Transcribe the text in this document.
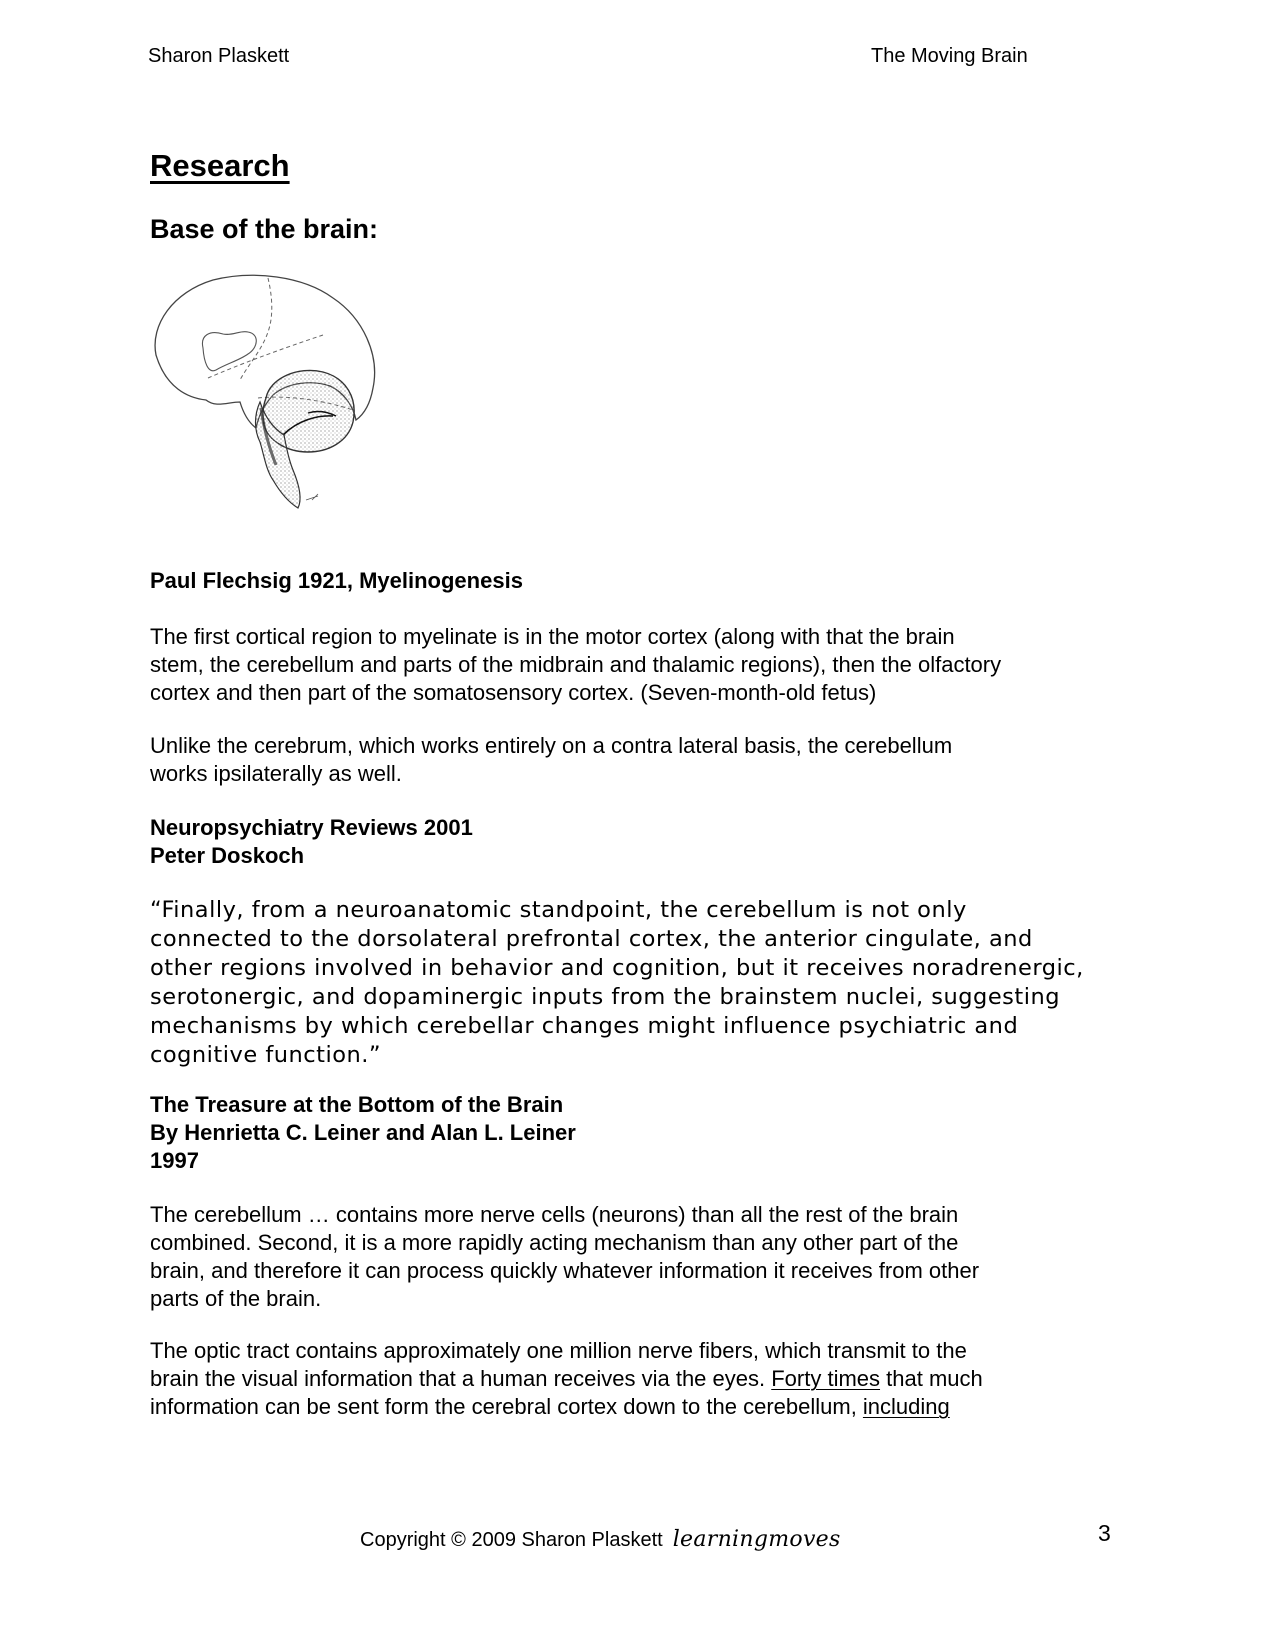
Sharon Plaskett	The Moving Brain
Research
Base of the brain:
Paul Flechsig 1921, Myelinogenesis
The first cortical region to myelinate is in the motor cortex (along with that the brain
stem, the cerebellum and parts of the midbrain and thalamic regions), then the olfactory
cortex and then part of the somatosensory cortex. (Seven-month-old fetus)
Unlike the cerebrum, which works entirely on a contra lateral basis, the cerebellum
works ipsilaterally as well.
Neuropsychiatry Reviews 2001
Peter Doskoch
“Finally, from a neuroanatomic standpoint, the cerebellum is not only
connected to the dorsolateral prefrontal cortex, the anterior cingulate, and
other regions involved in behavior and cognition, but it receives noradrenergic,
serotonergic, and dopaminergic inputs from the brainstem nuclei, suggesting
mechanisms by which cerebellar changes might influence psychiatric and
cognitive function.”
The Treasure at the Bottom of the Brain
By Henrietta C. Leiner and Alan L. Leiner
1997
The cerebellum … contains more nerve cells (neurons) than all the rest of the brain
combined. Second, it is a more rapidly acting mechanism than any other part of the
brain, and therefore it can process quickly whatever information it receives from other
parts of the brain.
The optic tract contains approximately one million nerve fibers, which transmit to the
brain the visual information that a human receives via the eyes. Forty times that much
information can be sent form the cerebral cortex down to the cerebellum, including
Copyright © 2009 Sharon Plaskett learningmoves	3
